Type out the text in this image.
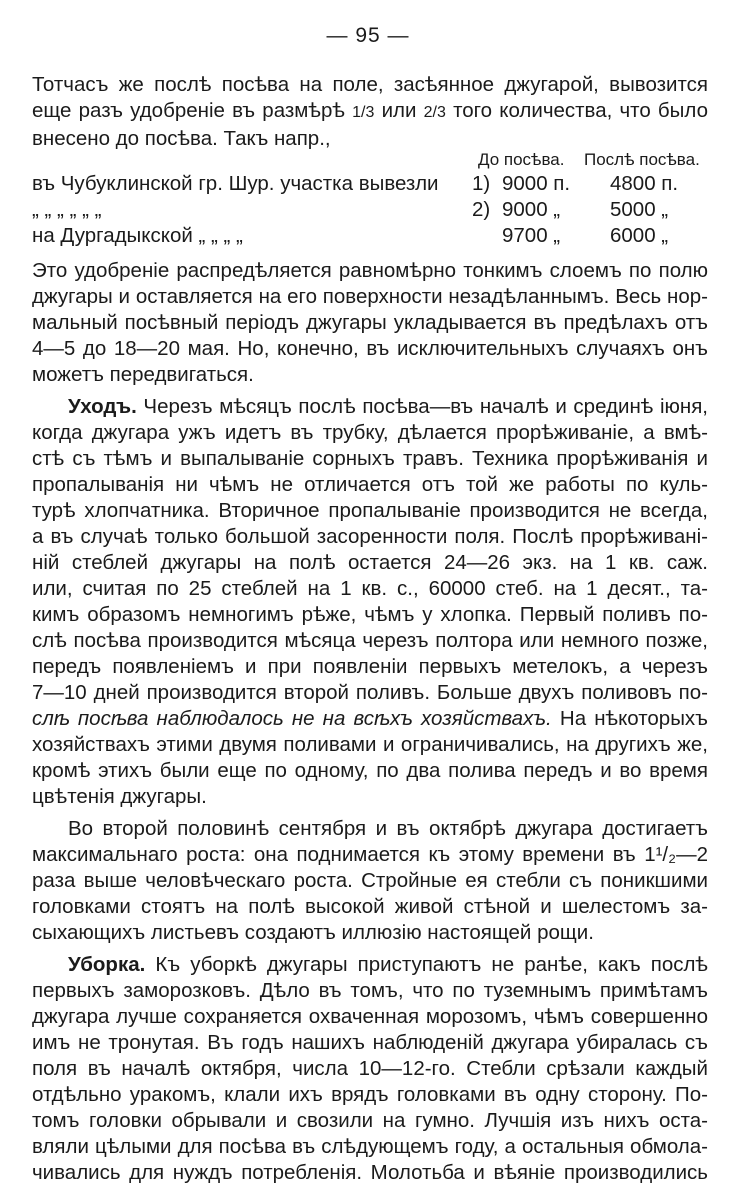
— 95 —

Тотчасъ же послѣ посѣва на поле, засѣянное джугарой, вывозится

еще разъ удобреніе въ размѣрѣ 1/3 или 2/3 того количества, что было

внесено до посѣва. Такъ напр.,

До посѣва. Послѣ посѣва.
въ Чубуклинской гр. Шур. участка вывезли 1) 9000 п. 4800 п.
„ „ „ „ „ „	2) 9000 „ 5000 „
на Дургадыкской „ „ „ „	9700 „ 6000 „

Это удобреніе распредѣляется равномѣрно тонкимъ слоемъ по полю

джугары и оставляется на его поверхности незадѣланнымъ. Весь нор-

мальный посѣвный періодъ джугары укладывается въ предѣлахъ отъ

4—5 до 18—20 мая. Но, конечно, въ исключительныхъ случаяхъ онъ

можетъ передвигаться.

Уходъ. Черезъ мѣсяцъ послѣ посѣва—въ началѣ и срединѣ іюня,

когда джугара ужъ идетъ въ трубку, дѣлается прорѣживаніе, а вмѣ-

стѣ съ тѣмъ и выпалываніе сорныхъ травъ. Техника прорѣживанія и

пропалыванія ни чѣмъ не отличается отъ той же работы по куль-

турѣ хлопчатника. Вторичное пропалываніе производится не всегда,

а въ случаѣ только большой засоренности поля. Послѣ прорѣживані-

ній стеблей джугары на полѣ остается 24—26 экз. на 1 кв. саж.

или, считая по 25 стеблей на 1 кв. с., 60000 стеб. на 1 десят., та-

кимъ образомъ немногимъ рѣже, чѣмъ у хлопка. Первый поливъ по-

слѣ посѣва производится мѣсяца черезъ полтора или немного позже,

передъ появленіемъ и при появленіи первыхъ метелокъ, а черезъ

7—10 дней производится второй поливъ. Больше двухъ поливовъ по-

слѣ посѣва наблюдалось не на всѣхъ хозяйствахъ. На нѣкоторыхъ

хозяйствахъ этими двумя поливами и ограничивались, на другихъ же,

кромѣ этихъ были еще по одному, по два полива передъ и во время

цвѣтенія джугары.

Во второй половинѣ сентября и въ октябрѣ джугара достигаетъ

максимальнаго роста: она поднимается къ этому времени въ 1¹/₂—2

раза выше человѣческаго роста. Стройные ея стебли съ поникшими

головками стоятъ на полѣ высокой живой стѣной и шелестомъ за-

сыхающихъ листьевъ создаютъ иллюзію настоящей рощи.

Уборка. Къ уборкѣ джугары приступаютъ не ранѣе, какъ послѣ

первыхъ заморозковъ. Дѣло въ томъ, что по туземнымъ примѣтамъ

джугара лучше сохраняется охваченная морозомъ, чѣмъ совершенно

имъ не тронутая. Въ годъ нашихъ наблюденій джугара убиралась съ

поля въ началѣ октября, числа 10—12-го. Стебли срѣзали каждый

отдѣльно уракомъ, клали ихъ врядъ головками въ одну сторону. По-

томъ головки обрывали и свозили на гумно. Лучшія изъ нихъ оста-

вляли цѣлыми для посѣва въ слѣдующемъ году, а остальныя обмола-

чивались для нуждъ потребленія. Молотьба и вѣяніе производились
